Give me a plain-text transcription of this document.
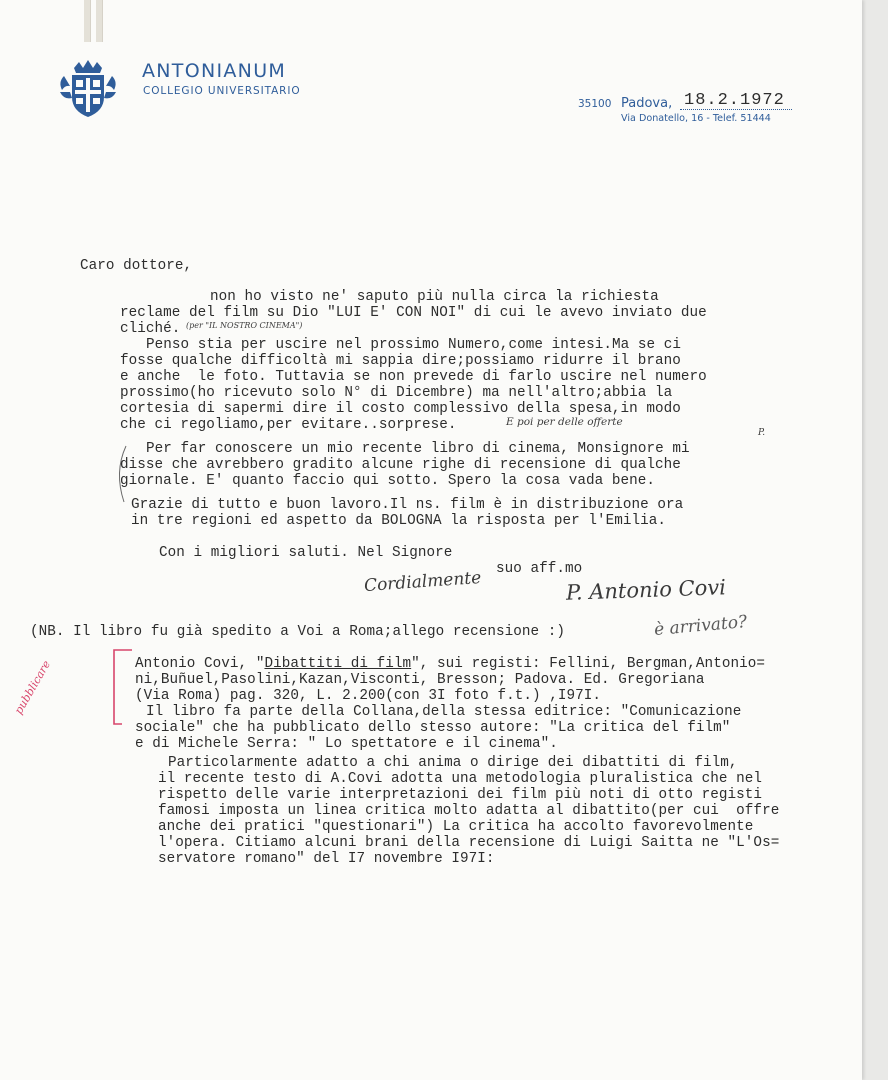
ANTONIANUM
COLLEGIO UNIVERSITARIO
35100 Padova, 18.2.1972
Via Donatello, 16 - Telef. 51444
Caro dottore,
non ho visto ne' saputo più nulla circa la richiesta
reclame del film su Dio "LUI E' CON NOI" di cui le avevo inviato due
cliché. (per "IL NOSTRO CINEMA")
Penso stia per uscire nel prossimo Numero,come intesi.Ma se ci
fosse qualche difficoltà mi sappia dire;possiamo ridurre il brano
e anche  le foto. Tuttavia se non prevede di farlo uscire nel numero
prossimo(ho ricevuto solo N° di Dicembre) ma nell'altro;abbia la
cortesia di sapermi dire il costo complessivo della spesa,in modo
che ci regoliamo,per evitare..sorprese.	E poi per delle offerte
P.
Per far conoscere un mio recente libro di cinema, Monsignore mi
disse che avrebbero gradito alcune righe di recensione di qualche
giornale. E' quanto faccio qui sotto. Spero la cosa vada bene.
Grazie di tutto e buon lavoro.Il ns. film è in distribuzione ora
in tre regioni ed aspetto da BOLOGNA la risposta per l'Emilia.
Con i migliori saluti. Nel Signore
suo aff.mo
Cordialmente	P. Antonio Covi
(NB. Il libro fu già spedito a Voi a Roma;allego recensione :)	è arrivato?
pubblicare	Antonio Covi, "Dibattiti di film", sui registi: Fellini, Bergman,Antonio=
ni,Buñuel,Pasolini,Kazan,Visconti, Bresson; Padova. Ed. Gregoriana
(Via Roma) pag. 320, L. 2.200(con 3I foto f.t.) ,I97I.
Il libro fa parte della Collana,della stessa editrice: "Comunicazione
sociale" che ha pubblicato dello stesso autore: "La critica del film"
e di Michele Serra: " Lo spettatore e il cinema".
Particolarmente adatto a chi anima o dirige dei dibattiti di film,
il recente testo di A.Covi adotta una metodologia pluralistica che nel
rispetto delle varie interpretazioni dei film più noti di otto registi
famosi imposta un linea critica molto adatta al dibattito(per cui  offre
anche dei pratici "questionari") La critica ha accolto favorevolmente
l'opera. Citiamo alcuni brani della recensione di Luigi Saitta ne "L'Os=
servatore romano" del I7 novembre I97I:
